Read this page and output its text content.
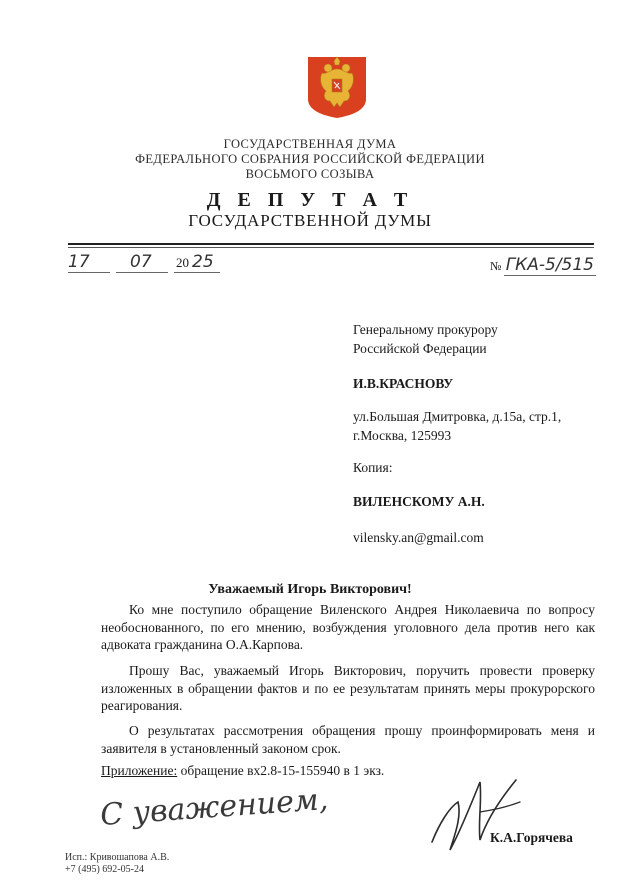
ГОСУДАРСТВЕННАЯ ДУМА
ФЕДЕРАЛЬНОГО СОБРАНИЯ РОССИЙСКОЙ ФЕДЕРАЦИИ
ВОСЬМОГО СОЗЫВА
Д Е П У Т А Т
ГОСУДАРСТВЕННОЙ ДУМЫ
17 07 20 25	№ ГКА-5/515
Генеральному прокурору
Российской Федерации
И.В.КРАСНОВУ
ул.Большая Дмитровка, д.15а, стр.1,
г.Москва, 125993
Копия:
ВИЛЕНСКОМУ А.Н.
vilensky.an@gmail.com
Уважаемый Игорь Викторович!
Ко мне поступило обращение Виленского Андрея Николаевича по вопросу необоснованного, по его мнению, возбуждения уголовного дела против него как адвоката гражданина О.А.Карпова.
Прошу Вас, уважаемый Игорь Викторович, поручить провести проверку изложенных в обращении фактов и по ее результатам принять меры прокурорского реагирования.
О результатах рассмотрения обращения прошу проинформировать меня и заявителя в установленный законом срок.
Приложение: обращение вх2.8-15-155940 в 1 экз.
С уважением,
К.А.Горячева
Исп.: Кривошапова А.В.
+7 (495) 692-05-24
